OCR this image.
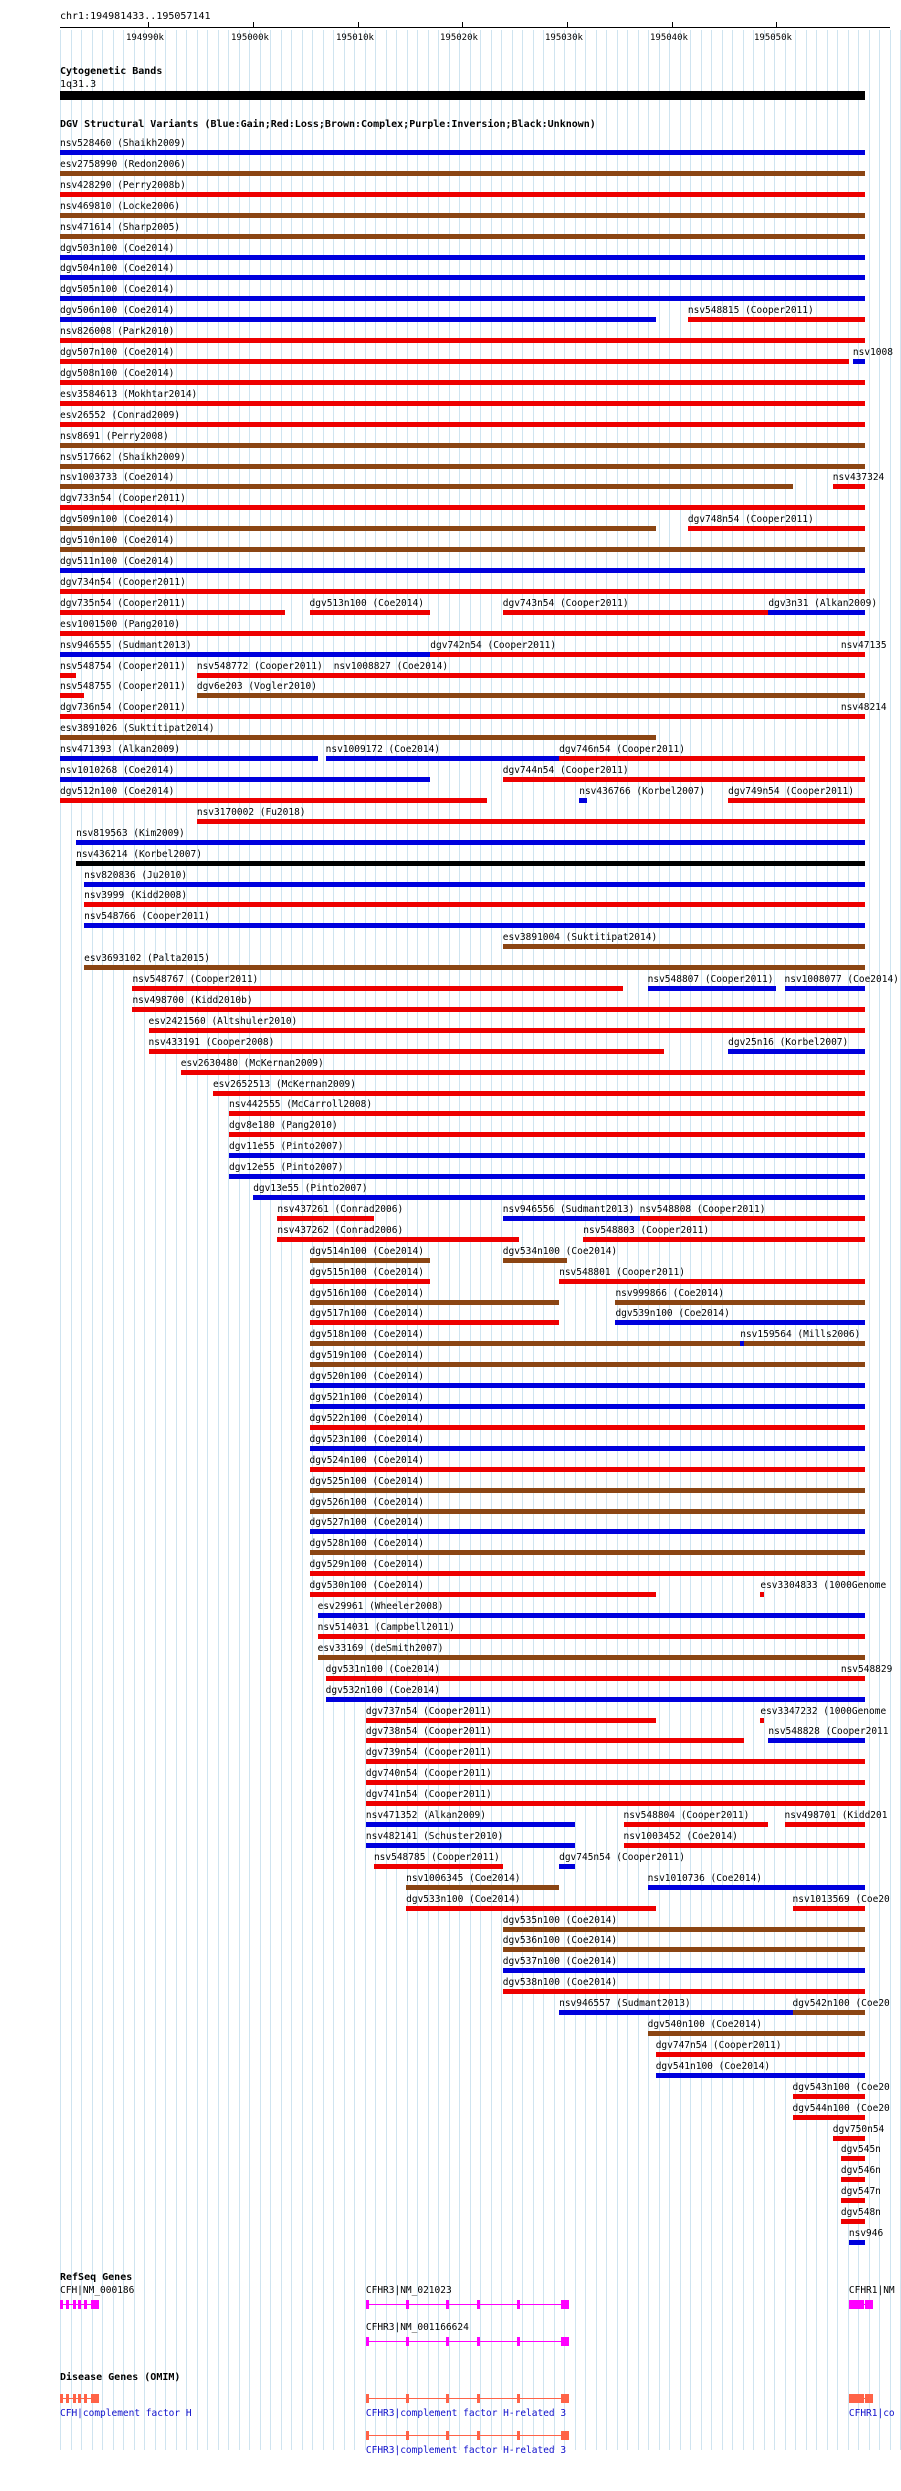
chr1:194981433..195057141
194990k	195000k	195010k	195020k	195030k	195040k	195050k
Cytogenetic Bands
1q31.3
DGV Structural Variants (Blue:Gain;Red:Loss;Brown:Complex;Purple:Inversion;Black:Unknown)
nsv528460 (Shaikh2009)
esv2758990 (Redon2006)
nsv428290 (Perry2008b)
nsv469810 (Locke2006)
nsv471614 (Sharp2005)
dgv503n100 (Coe2014)
dgv504n100 (Coe2014)
dgv505n100 (Coe2014)
dgv506n100 (Coe2014)	nsv548815 (Cooper2011)
nsv826008 (Park2010)
dgv507n100 (Coe2014)	nsv1008
dgv508n100 (Coe2014)
esv3584613 (Mokhtar2014)
esv26552 (Conrad2009)
nsv8691 (Perry2008)
nsv517662 (Shaikh2009)
nsv1003733 (Coe2014)	nsv437324
dgv733n54 (Cooper2011)
dgv509n100 (Coe2014)	dgv748n54 (Cooper2011)
dgv510n100 (Coe2014)
dgv511n100 (Coe2014)
dgv734n54 (Cooper2011)
dgv735n54 (Cooper2011)	dgv513n100 (Coe2014)	dgv743n54 (Cooper2011)	dgv3n31 (Alkan2009)
esv1001500 (Pang2010)
nsv946555 (Sudmant2013)	dgv742n54 (Cooper2011)	nsv47135
nsv548754 (Cooper2011) nsv548772 (Cooper2011) nsv1008827 (Coe2014)
nsv548755 (Cooper2011) dgv6e203 (Vogler2010)
dgv736n54 (Cooper2011)	nsv48214
esv3891026 (Suktitipat2014)
nsv471393 (Alkan2009)	nsv1009172 (Coe2014)	dgv746n54 (Cooper2011)
nsv1010268 (Coe2014)	dgv744n54 (Cooper2011)
dgv512n100 (Coe2014)	nsv436766 (Korbel2007) dgv749n54 (Cooper2011)
nsv3170002 (Fu2018)
nsv819563 (Kim2009)
nsv436214 (Korbel2007)
nsv820836 (Ju2010)
nsv3999 (Kidd2008)
nsv548766 (Cooper2011)
esv3891004 (Suktitipat2014)
esv3693102 (Palta2015)
nsv548767 (Cooper2011)	nsv548807 (Cooper2011) nsv1008077 (Coe2014)
nsv498700 (Kidd2010b)
esv2421560 (Altshuler2010)
nsv433191 (Cooper2008)	dgv25n16 (Korbel2007)
esv2630480 (McKernan2009)
esv2652513 (McKernan2009)
nsv442555 (McCarroll2008)
dgv8e180 (Pang2010)
dgv11e55 (Pinto2007)
dgv12e55 (Pinto2007)
dgv13e55 (Pinto2007)
nsv437261 (Conrad2006)	nsv946556 (Sudmant2013) nsv548808 (Cooper2011)
nsv437262 (Conrad2006)	nsv548803 (Cooper2011)
dgv514n100 (Coe2014)	dgv534n100 (Coe2014)
dgv515n100 (Coe2014)	nsv548801 (Cooper2011)
dgv516n100 (Coe2014)	nsv999866 (Coe2014)
dgv517n100 (Coe2014)	dgv539n100 (Coe2014)
dgv518n100 (Coe2014)	nsv159564 (Mills2006)
dgv519n100 (Coe2014)
dgv520n100 (Coe2014)
dgv521n100 (Coe2014)
dgv522n100 (Coe2014)
dgv523n100 (Coe2014)
dgv524n100 (Coe2014)
dgv525n100 (Coe2014)
dgv526n100 (Coe2014)
dgv527n100 (Coe2014)
dgv528n100 (Coe2014)
dgv529n100 (Coe2014)
dgv530n100 (Coe2014)	esv3304833 (1000Genome
esv29961 (Wheeler2008)
nsv514031 (Campbell2011)
esv33169 (deSmith2007)
dgv531n100 (Coe2014)	nsv548829
dgv532n100 (Coe2014)
dgv737n54 (Cooper2011)	esv3347232 (1000Genome
dgv738n54 (Cooper2011)	nsv548828 (Cooper2011
dgv739n54 (Cooper2011)
dgv740n54 (Cooper2011)
dgv741n54 (Cooper2011)
nsv471352 (Alkan2009)	nsv548804 (Cooper2011)	nsv498701 (Kidd201
nsv482141 (Schuster2010)	nsv1003452 (Coe2014)
nsv548785 (Cooper2011)	dgv745n54 (Cooper2011)
nsv1006345 (Coe2014)	nsv1010736 (Coe2014)
dgv533n100 (Coe2014)	nsv1013569 (Coe20
dgv535n100 (Coe2014)
dgv536n100 (Coe2014)
dgv537n100 (Coe2014)
dgv538n100 (Coe2014)
nsv946557 (Sudmant2013)	dgv542n100 (Coe20
dgv540n100 (Coe2014)
dgv747n54 (Cooper2011)
dgv541n100 (Coe2014)
dgv543n100 (Coe20
dgv544n100 (Coe20
dgv750n54
dgv545n
dgv546n
dgv547n
dgv548n
nsv946
RefSeq Genes
CFH|NM_000186	CFHR3|NM_021023	CFHR1|NM
CFHR3|NM_001166624
Disease Genes (OMIM)
CFH|complement factor H	CFHR3|complement factor H-related 3	CFHR1|co
CFHR3|complement factor H-related 3
